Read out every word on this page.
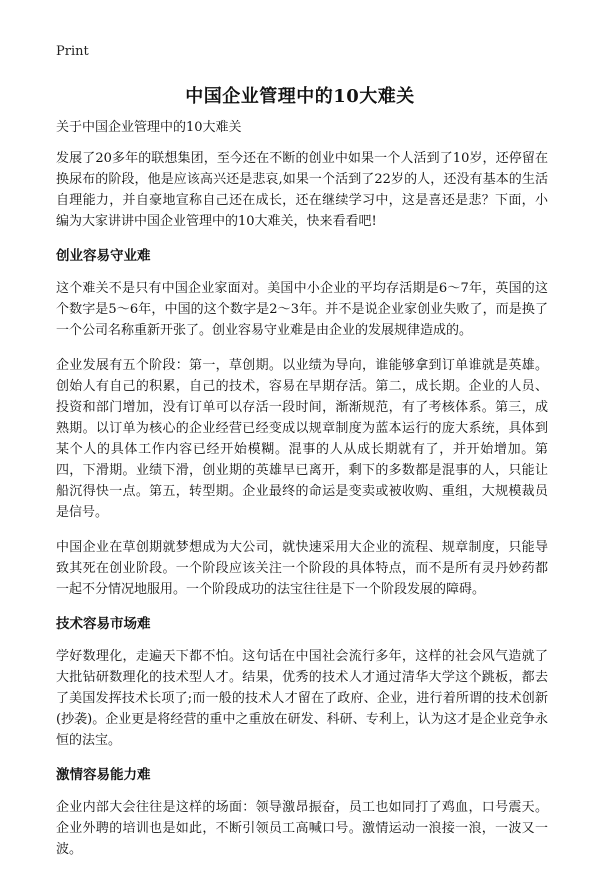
Print
中国企业管理中的10大难关

关于中国企业管理中的10大难关

发展了20多年的联想集团，至今还在不断的创业中如果一个人活到了10岁，还停留在换尿布的阶段，他是应该高兴还是悲哀,如果一个活到了22岁的人，还没有基本的生活自理能力，并自豪地宣称自己还在成长，还在继续学习中，这是喜还是悲？下面，小编为大家讲讲中国企业管理中的10大难关，快来看看吧!

创业容易守业难

这个难关不是只有中国企业家面对。美国中小企业的平均存活期是6～7年，英国的这个数字是5～6年，中国的这个数字是2～3年。并不是说企业家创业失败了，而是换了一个公司名称重新开张了。创业容易守业难是由企业的发展规律造成的。

企业发展有五个阶段：第一，草创期。以业绩为导向，谁能够拿到订单谁就是英雄。创始人有自己的积累，自己的技术，容易在早期存活。第二，成长期。企业的人员、投资和部门增加，没有订单可以存活一段时间，渐渐规范，有了考核体系。第三，成熟期。以订单为核心的企业经营已经变成以规章制度为蓝本运行的庞大系统，具体到某个人的具体工作内容已经开始模糊。混事的人从成长期就有了，并开始增加。第四，下滑期。业绩下滑，创业期的英雄早已离开，剩下的多数都是混事的人，只能让船沉得快一点。第五，转型期。企业最终的命运是变卖或被收购、重组，大规模裁员是信号。

中国企业在草创期就梦想成为大公司，就快速采用大企业的流程、规章制度，只能导致其死在创业阶段。一个阶段应该关注一个阶段的具体特点，而不是所有灵丹妙药都一起不分情况地服用。一个阶段成功的法宝往往是下一个阶段发展的障碍。

技术容易市场难

学好数理化，走遍天下都不怕。这句话在中国社会流行多年，这样的社会风气造就了大批钻研数理化的技术型人才。结果，优秀的技术人才通过清华大学这个跳板，都去了美国发挥技术长项了;而一般的技术人才留在了政府、企业，进行着所谓的技术创新(抄袭)。企业更是将经营的重中之重放在研发、科研、专利上，认为这才是企业竞争永恒的法宝。

激情容易能力难

企业内部大会往往是这样的场面：领导激昂振奋，员工也如同打了鸡血，口号震天。企业外聘的培训也是如此，不断引领员工高喊口号。激情运动一浪接一浪，一波又一波。
